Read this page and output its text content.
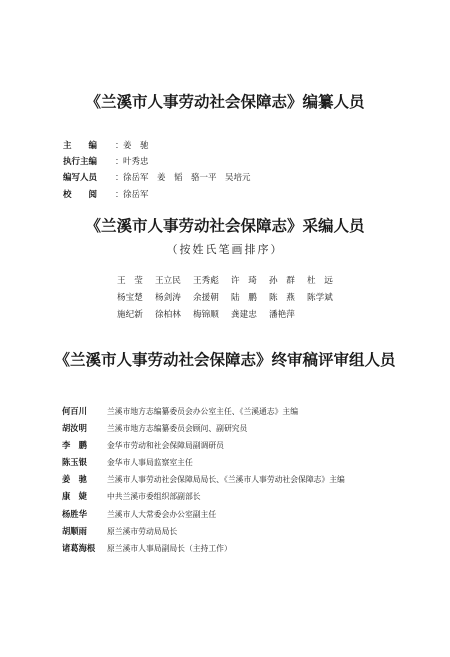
《兰溪市人事劳动社会保障志》编纂人员
主　　编 ：姜　驰
执行主编 ：叶秀忠
编写人员 ：徐岳军　姜　韬　骆一平　吴培元
校　　阅 ：徐岳军
《兰溪市人事劳动社会保障志》采编人员
（按姓氏笔画排序）
王　莹 王立民 王秀彪 许　琦 孙　群 杜　远
杨宝楚 杨剑涛 余援朝 陆　鹏 陈　燕 陈学斌
施纪新 徐柏林 梅锦顺 龚建忠 潘艳萍
《兰溪市人事劳动社会保障志》终审稿评审组人员
何百川	兰溪市地方志编纂委员会办公室主任、《兰溪通志》主编
胡汝明	兰溪市地方志编纂委员会顾问、副研究员
李　鹏	金华市劳动和社会保障局副调研员
陈玉银	金华市人事局监察室主任
姜　驰	兰溪市人事劳动社会保障局局长、《兰溪市人事劳动社会保障志》主编
康　婕	中共兰溪市委组织部副部长
杨胜华	兰溪市人大常委会办公室副主任
胡顺雨	原兰溪市劳动局局长
诸葛海根 原兰溪市人事局副局长（主持工作）
